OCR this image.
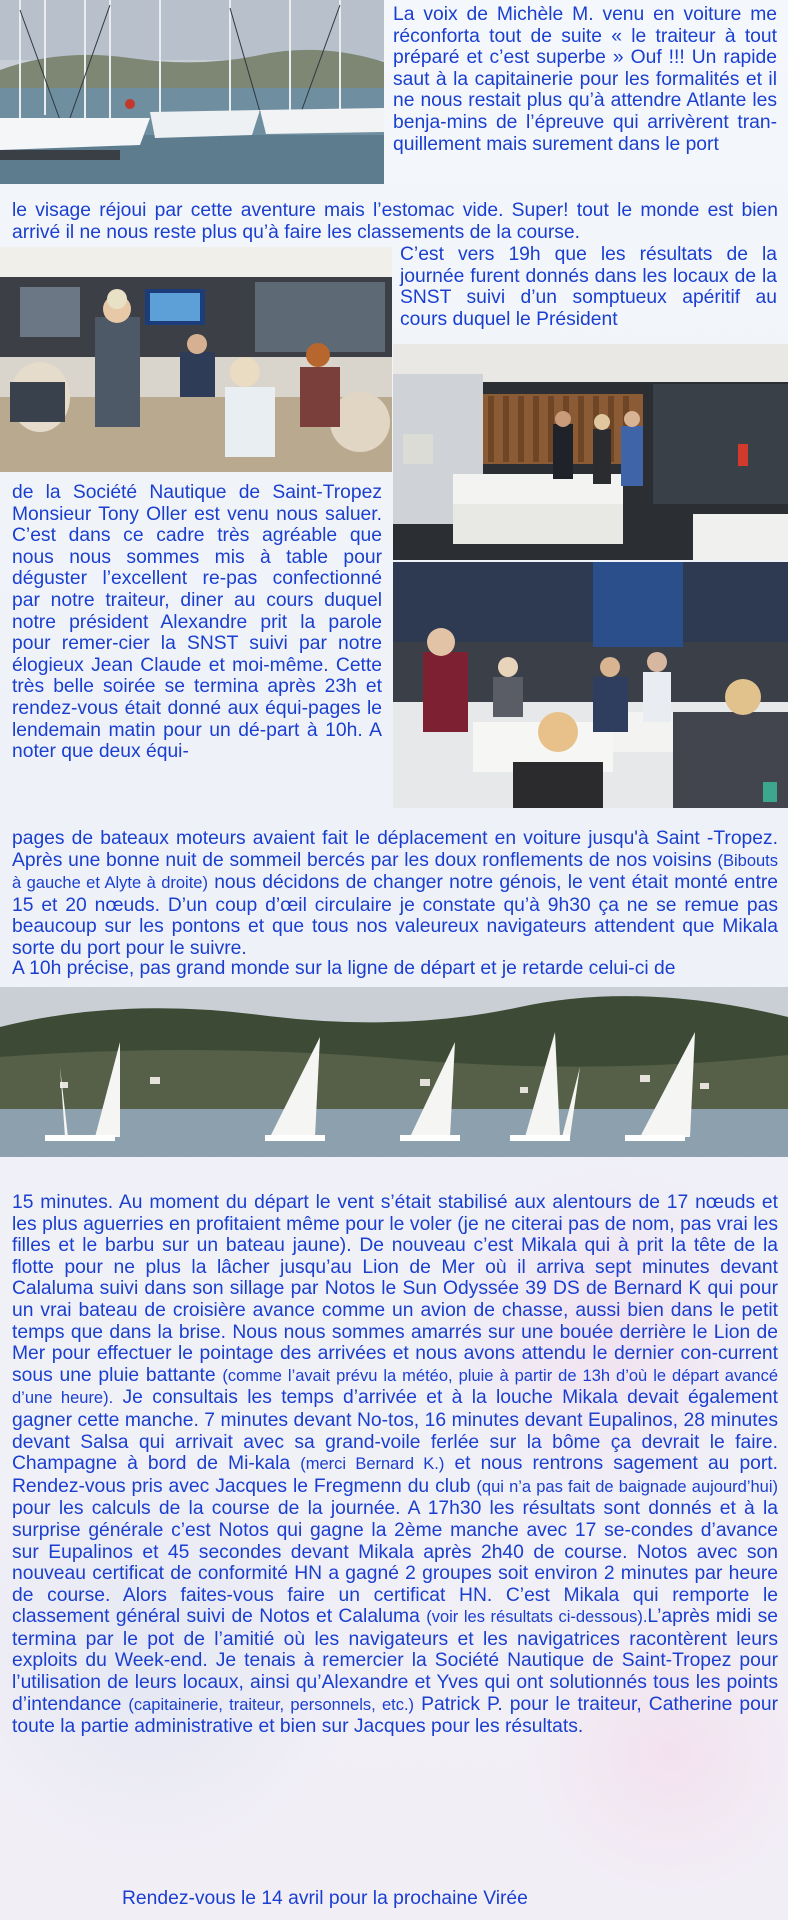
La voix de Michèle M. venu en voiture me réconforta tout de suite « le traiteur à tout préparé et c’est superbe » Ouf !!! Un rapide saut à la capitainerie pour les formalités et il ne nous restait plus qu’à attendre Atlante les benja-mins de l’épreuve qui arrivèrent tran-quillement mais surement dans le port
le visage réjoui par cette aventure mais l’estomac vide. Super! tout le monde est bien arrivé il ne nous reste plus qu’à faire les classements de la course.
C’est vers 19h que les résultats de la journée furent donnés dans les locaux de la SNST suivi d’un somptueux apéritif au cours duquel le Président
de la Société Nautique de Saint-Tropez Monsieur Tony Oller est venu nous saluer. C’est dans ce cadre très agréable que nous nous sommes mis à table pour déguster l’excellent re-pas confectionné par notre traiteur, diner au cours duquel notre président Alexandre prit la parole pour remer-cier la SNST suivi par notre élogieux Jean Claude et moi-même. Cette très belle soirée se termina après 23h et rendez-vous était donné aux équi-pages le lendemain matin pour un dé-part à 10h. A noter que deux équi-
pages de bateaux moteurs avaient fait le déplacement en voiture jusqu'à Saint -Tropez. Après une bonne nuit de sommeil bercés par les doux ronflements de nos voisins (Bibouts à gauche et Alyte à droite) nous décidons de changer notre génois, le vent était monté entre 15 et 20 nœuds. D’un coup d’œil circulaire je constate qu’à 9h30 ça ne se remue pas beaucoup sur les pontons et que tous nos valeureux navigateurs attendent que Mikala sorte du port pour le suivre.
A 10h précise, pas grand monde sur la ligne de départ et je retarde celui-ci de
15 minutes. Au moment du départ le vent s’était stabilisé aux alentours de 17 nœuds et les plus aguerries en profitaient même pour le voler (je ne citerai pas de nom, pas vrai les filles et le barbu sur un bateau jaune). De nouveau c’est Mikala qui à prit la tête de la flotte pour ne plus la lâcher jusqu’au Lion de Mer où il arriva sept minutes devant Calaluma suivi dans son sillage par Notos le Sun Odyssée 39 DS de Bernard K qui pour un vrai bateau de croisière avance comme un avion de chasse, aussi bien dans le petit temps que dans la brise. Nous nous sommes amarrés sur une bouée derrière le Lion de Mer pour effectuer le pointage des arrivées et nous avons attendu le dernier con-current sous une pluie battante (comme l’avait prévu la météo, pluie à partir de 13h d’où le départ avancé d’une heure). Je consultais les temps d’arrivée et à la louche Mikala devait également gagner cette manche. 7 minutes devant No-tos, 16 minutes devant Eupalinos, 28 minutes devant Salsa qui arrivait avec sa grand-voile ferlée sur la bôme ça devrait le faire. Champagne à bord de Mi-kala (merci Bernard K.) et nous rentrons sagement au port. Rendez-vous pris avec Jacques le Fregmenn du club (qui n’a pas fait de baignade aujourd’hui) pour les calculs de la course de la journée. A 17h30 les résultats sont donnés et à la surprise générale c’est Notos qui gagne la 2ème manche avec 17 se-condes d’avance sur Eupalinos et 45 secondes devant Mikala après 2h40 de course. Notos avec son nouveau certificat de conformité HN a gagné 2 groupes soit environ 2 minutes par heure de course. Alors faites-vous faire un certificat HN. C’est Mikala qui remporte le classement général suivi de Notos et Calaluma (voir les résultats ci-dessous).L’après midi se termina par le pot de l’amitié où les navigateurs et les navigatrices racontèrent leurs exploits du Week-end. Je tenais à remercier la Société Nautique de Saint-Tropez pour l’utilisation de leurs locaux, ainsi qu’Alexandre et Yves qui ont solutionnés tous les points d’intendance (capitainerie, traiteur, personnels, etc.) Patrick P. pour le traiteur, Catherine pour toute la partie administrative et bien sur Jacques pour les résultats.
Rendez-vous le 14 avril pour la prochaine Virée
